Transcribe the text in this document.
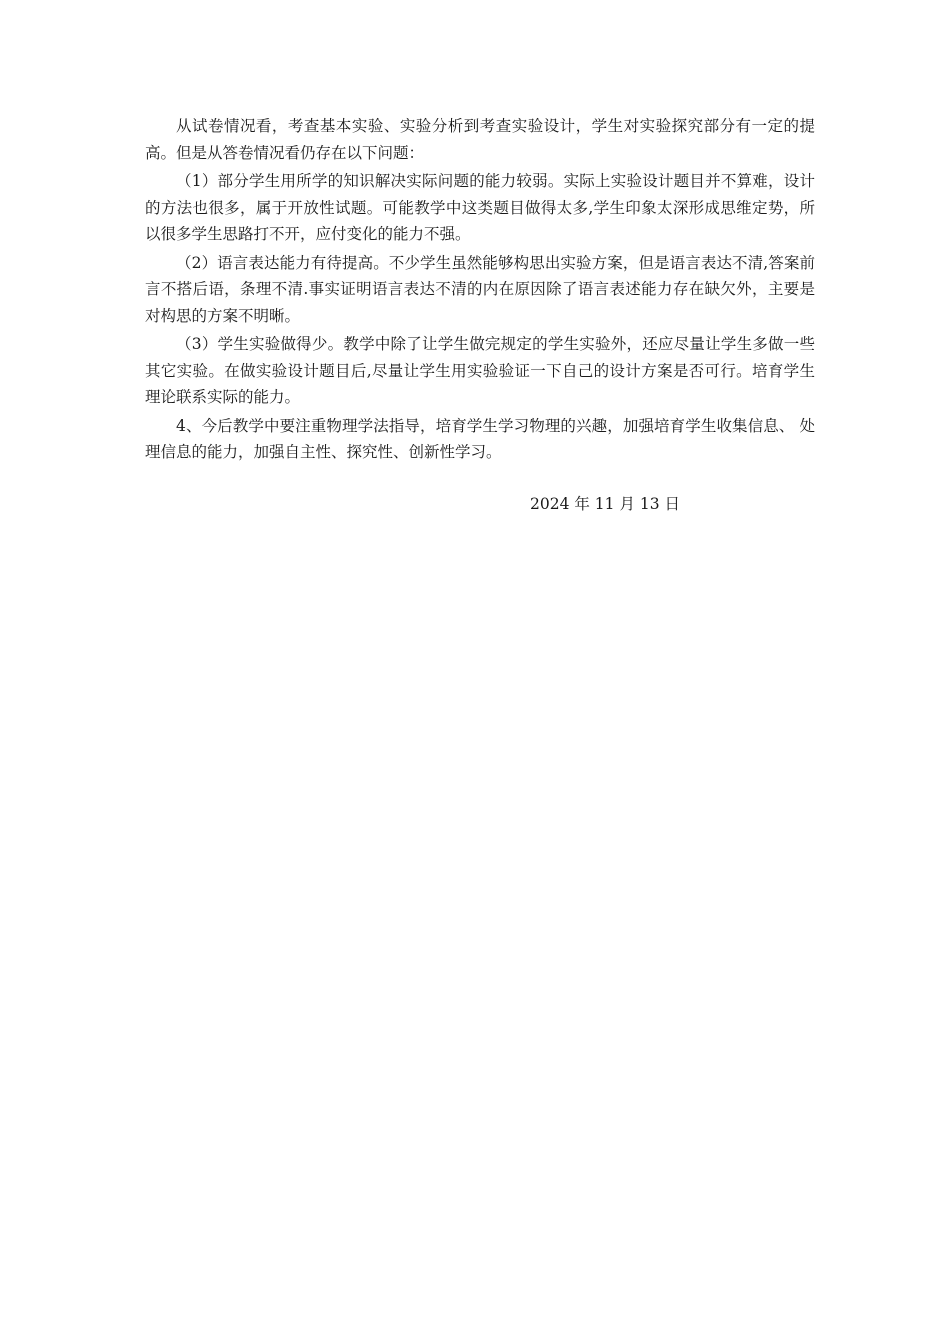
从试卷情况看，考查基本实验、实验分析到考查实验设计，学生对实验探究部分有一定的提高。但是从答卷情况看仍存在以下问题：

（1）部分学生用所学的知识解决实际问题的能力较弱。实际上实验设计题目并不算难，设计的方法也很多，属于开放性试题。可能教学中这类题目做得太多,学生印象太深形成思维定势，所以很多学生思路打不开，应付变化的能力不强。

（2）语言表达能力有待提高。不少学生虽然能够构思出实验方案，但是语言表达不清,答案前言不搭后语，条理不清.事实证明语言表达不清的内在原因除了语言表述能力存在缺欠外，主要是对构思的方案不明晰。

（3）学生实验做得少。教学中除了让学生做完规定的学生实验外，还应尽量让学生多做一些其它实验。在做实验设计题目后,尽量让学生用实验验证一下自己的设计方案是否可行。培育学生理论联系实际的能力。

4、今后教学中要注重物理学法指导，培育学生学习物理的兴趣，加强培育学生收集信息、 处理信息的能力，加强自主性、探究性、创新性学习。

2024 年 11 月 13 日
